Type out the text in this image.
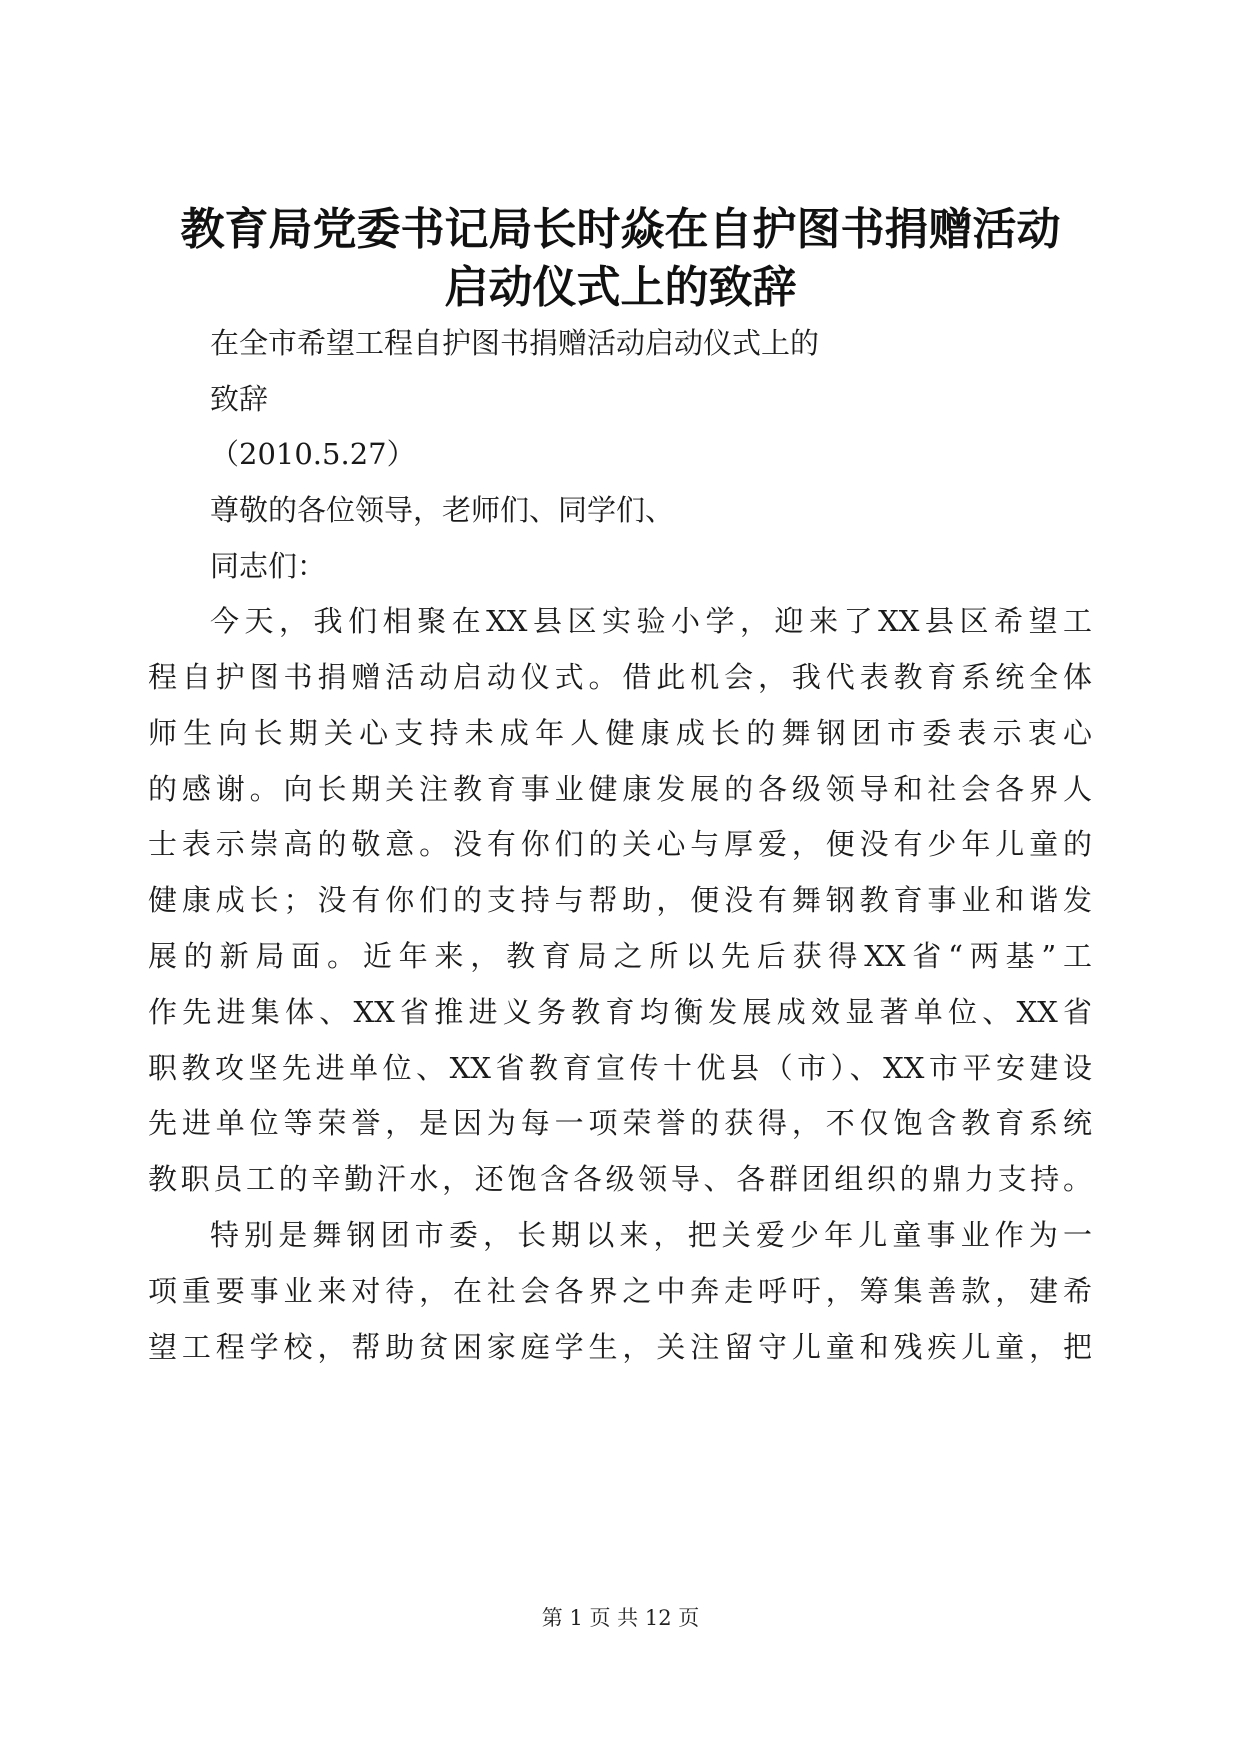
教育局党委书记局长时焱在自护图书捐赠活动
启动仪式上的致辞
在全市希望工程自护图书捐赠活动启动仪式上的
致辞
（2010.5.27）
尊敬的各位领导，老师们、同学们、
同志们：
今天，我们相聚在XX县区实验小学，迎来了XX县区希望工
程自护图书捐赠活动启动仪式。借此机会，我代表教育系统全体
师生向长期关心支持未成年人健康成长的舞钢团市委表示衷心
的感谢。向长期关注教育事业健康发展的各级领导和社会各界人
士表示崇高的敬意。没有你们的关心与厚爱，便没有少年儿童的
健康成长；没有你们的支持与帮助，便没有舞钢教育事业和谐发
展的新局面。近年来，教育局之所以先后获得XX省“两基”工
作先进集体、XX省推进义务教育均衡发展成效显著单位、XX省
职教攻坚先进单位、XX省教育宣传十优县（市）、XX市平安建设
先进单位等荣誉，是因为每一项荣誉的获得，不仅饱含教育系统
教职员工的辛勤汗水，还饱含各级领导、各群团组织的鼎力支持。
特别是舞钢团市委，长期以来，把关爱少年儿童事业作为一
项重要事业来对待，在社会各界之中奔走呼吁，筹集善款，建希
望工程学校，帮助贫困家庭学生，关注留守儿童和残疾儿童，把
第 1 页 共 12 页
